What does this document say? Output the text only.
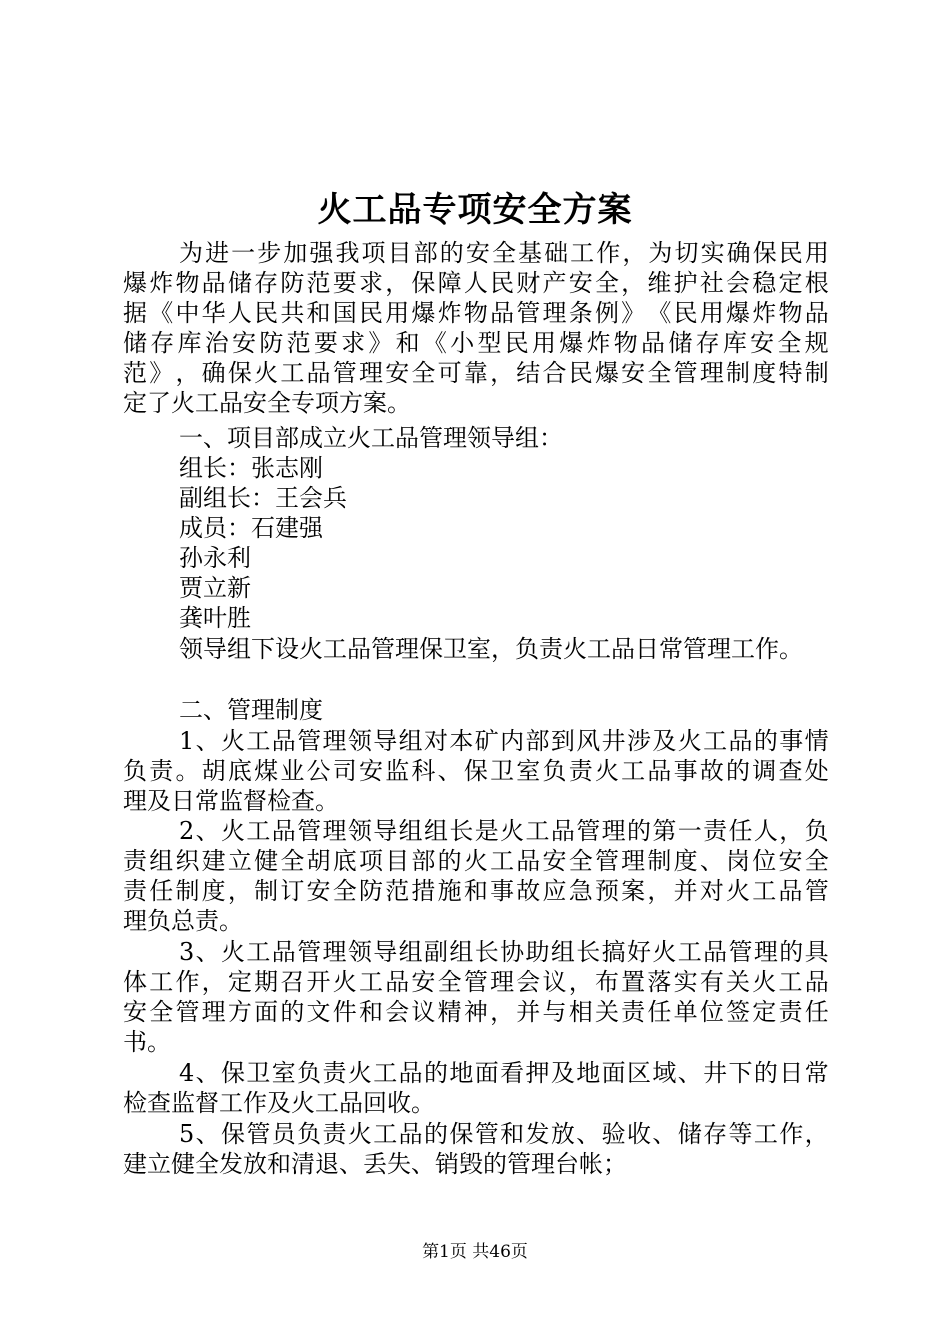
火工品专项安全方案
为 进 一 步 加 强 我 项 目 部 的 安 全 基 础 工 作 ， 为 切 实 确 保 民 用
爆 炸 物 品 储 存 防 范 要 求 ， 保 障 人 民 财 产 安 全 ， 维 护 社 会 稳 定 根
据 《 中 华 人 民 共 和 国 民 用 爆 炸 物 品 管 理 条 例 》 《 民 用 爆 炸 物 品
储 存 库 治 安 防 范 要 求 》 和 《 小 型 民 用 爆 炸 物 品 储 存 库 安 全 规
范 》 ， 确 保 火 工 品 管 理 安 全 可 靠 ， 结 合 民 爆 安 全 管 理 制 度 特 制
定了火工品安全专项方案。
一、项目部成立火工品管理领导组：
组长：张志刚
副组长：王会兵
成员：石建强
孙永利
贾立新
龚叶胜
领导组下设火工品管理保卫室，负责火工品日常管理工作。
二、管理制度
1 、 火 工 品 管 理 领 导 组 对 本 矿 内 部 到 风 井 涉 及 火 工 品 的 事 情
负 责 。 胡 底 煤 业 公 司 安 监 科 、 保 卫 室 负 责 火 工 品 事 故 的 调 查 处
理及日常监督检查。
2 、 火 工 品 管 理 领 导 组 组 长 是 火 工 品 管 理 的 第 一 责 任 人 ， 负
责 组 织 建 立 健 全 胡 底 项 目 部 的 火 工 品 安 全 管 理 制 度 、 岗 位 安 全
责 任 制 度 ， 制 订 安 全 防 范 措 施 和 事 故 应 急 预 案 ， 并 对 火 工 品 管
理负总责。
3 、 火 工 品 管 理 领 导 组 副 组 长 协 助 组 长 搞 好 火 工 品 管 理 的 具
体 工 作 ， 定 期 召 开 火 工 品 安 全 管 理 会 议 ， 布 置 落 实 有 关 火 工 品
安 全 管 理 方 面 的 文 件 和 会 议 精 神 ， 并 与 相 关 责 任 单 位 签 定 责 任
书。
4 、 保 卫 室 负 责 火 工 品 的 地 面 看 押 及 地 面 区 域 、 井 下 的 日 常
检查监督工作及火工品回收。
5 、 保 管 员 负 责 火 工 品 的 保 管 和 发 放 、 验 收 、 储 存 等 工 作 ，
建立健全发放和清退、丢失、销毁的管理台帐；
第1页 共46页
